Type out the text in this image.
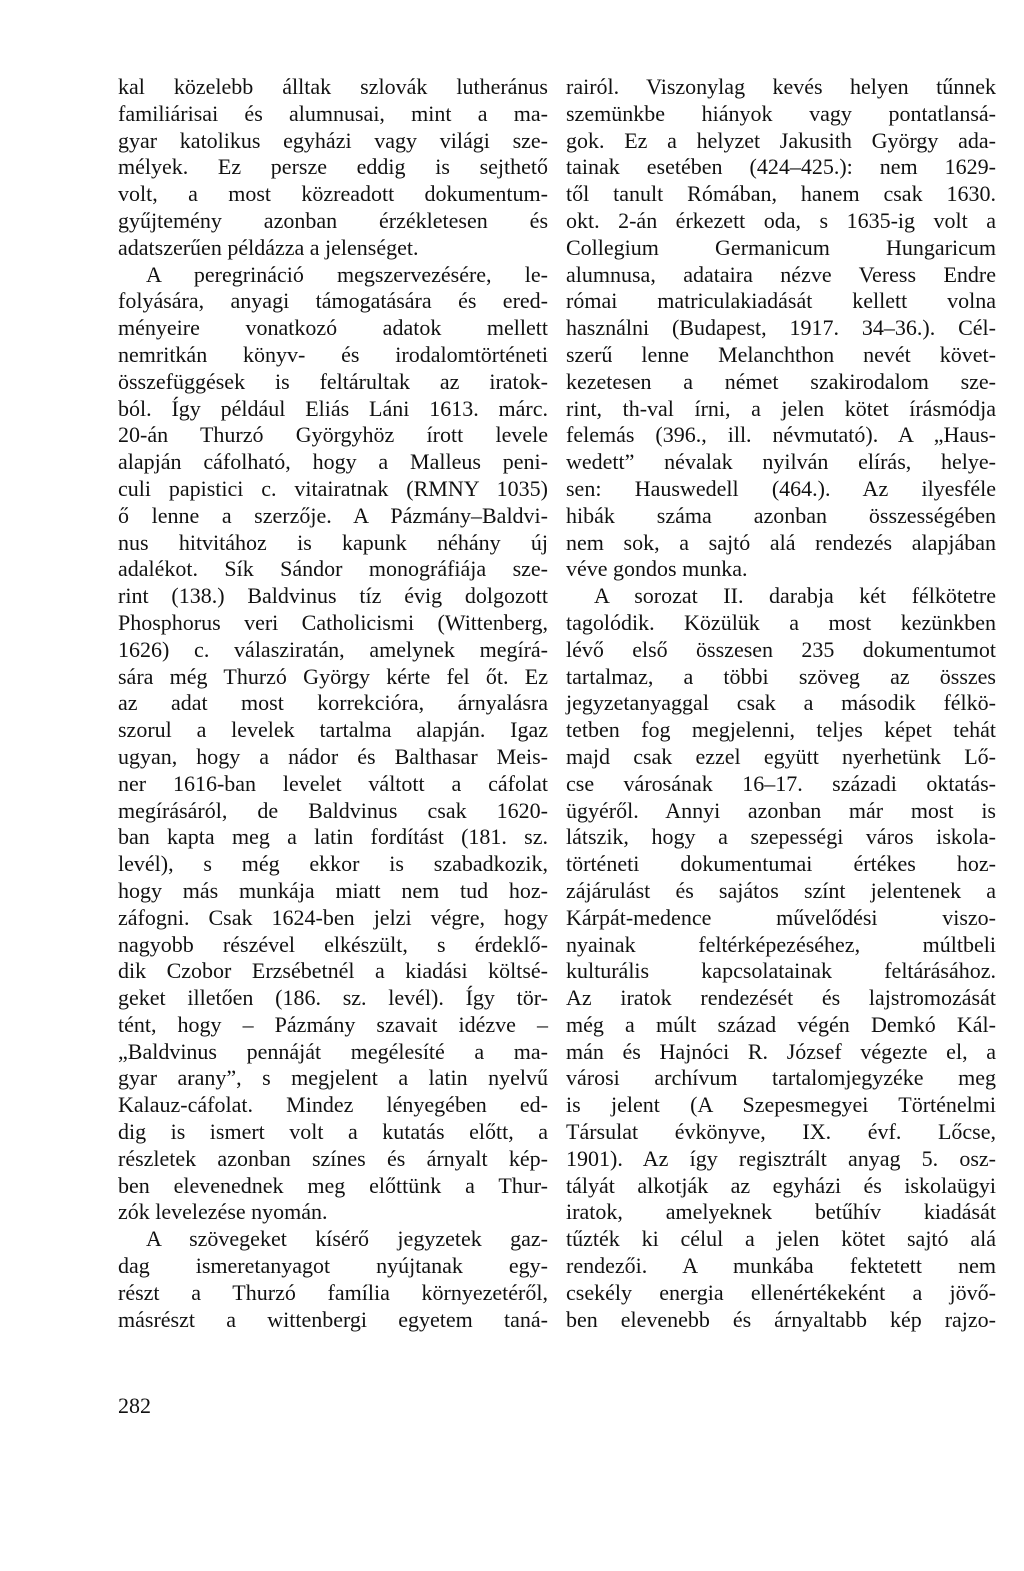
kal közelebb álltak szlovák lutheránus
familiárisai és alumnusai, mint a ma-
gyar katolikus egyházi vagy világi sze-
mélyek. Ez persze eddig is sejthető
volt, a most közreadott dokumentum-
gyűjtemény azonban érzékletesen és
adatszerűen példázza a jelenséget.
A peregrináció megszervezésére, le-
folyására, anyagi támogatására és ered-
ményeire vonatkozó adatok mellett
nemritkán könyv- és irodalomtörténeti
összefüggések is feltárultak az iratok-
ból. Így például Eliás Láni 1613. márc.
20-án Thurzó Györgyhöz írott levele
alapján cáfolható, hogy a Malleus peni-
culi papistici c. vitairatnak (RMNY 1035)
ő lenne a szerzője. A Pázmány–Baldvi-
nus hitvitához is kapunk néhány új
adalékot. Sík Sándor monográfiája sze-
rint (138.) Baldvinus tíz évig dolgozott
Phosphorus veri Catholicismi (Wittenberg,
1626) c. válasziratán, amelynek megírá-
sára még Thurzó György kérte fel őt. Ez
az adat most korrekcióra, árnyalásra
szorul a levelek tartalma alapján. Igaz
ugyan, hogy a nádor és Balthasar Meis-
ner 1616-ban levelet váltott a cáfolat
megírásáról, de Baldvinus csak 1620-
ban kapta meg a latin fordítást (181. sz.
levél), s még ekkor is szabadkozik,
hogy más munkája miatt nem tud hoz-
záfogni. Csak 1624-ben jelzi végre, hogy
nagyobb részével elkészült, s érdeklő-
dik Czobor Erzsébetnél a kiadási költsé-
geket illetően (186. sz. levél). Így tör-
tént, hogy – Pázmány szavait idézve –
„Baldvinus pennáját megélesíté a ma-
gyar arany”, s megjelent a latin nyelvű
Kalauz-cáfolat. Mindez lényegében ed-
dig is ismert volt a kutatás előtt, a
részletek azonban színes és árnyalt kép-
ben elevenednek meg előttünk a Thur-
zók levelezése nyomán.
A szövegeket kísérő jegyzetek gaz-
dag ismeretanyagot nyújtanak egy-
részt a Thurzó família környezetéről,
másrészt a wittenbergi egyetem taná-
rairól. Viszonylag kevés helyen tűnnek
szemünkbe hiányok vagy pontatlansá-
gok. Ez a helyzet Jakusith György ada-
tainak esetében (424–425.): nem 1629-
től tanult Rómában, hanem csak 1630.
okt. 2-án érkezett oda, s 1635-ig volt a
Collegium Germanicum Hungaricum
alumnusa, adataira nézve Veress Endre
római matriculakiadását kellett volna
használni (Budapest, 1917. 34–36.). Cél-
szerű lenne Melanchthon nevét követ-
kezetesen a német szakirodalom sze-
rint, th-val írni, a jelen kötet írásmódja
felemás (396., ill. névmutató). A „Haus-
wedett” névalak nyilván elírás, helye-
sen: Hauswedell (464.). Az ilyesféle
hibák száma azonban összességében
nem sok, a sajtó alá rendezés alapjában
véve gondos munka.
A sorozat II. darabja két félkötetre
tagolódik. Közülük a most kezünkben
lévő első összesen 235 dokumentumot
tartalmaz, a többi szöveg az összes
jegyzetanyaggal csak a második félkö-
tetben fog megjelenni, teljes képet tehát
majd csak ezzel együtt nyerhetünk Lő-
cse városának 16–17. századi oktatás-
ügyéről. Annyi azonban már most is
látszik, hogy a szepességi város iskola-
történeti dokumentumai értékes hoz-
zájárulást és sajátos színt jelentenek a
Kárpát-medence művelődési viszo-
nyainak feltérképezéséhez, múltbeli
kulturális kapcsolatainak feltárásához.
Az iratok rendezését és lajstromozását
még a múlt század végén Demkó Kál-
mán és Hajnóci R. József végezte el, a
városi archívum tartalomjegyzéke meg
is jelent (A Szepesmegyei Történelmi
Társulat évkönyve, IX. évf. Lőcse,
1901). Az így regisztrált anyag 5. osz-
tályát alkotják az egyházi és iskolaügyi
iratok, amelyeknek betűhív kiadását
tűzték ki célul a jelen kötet sajtó alá
rendezői. A munkába fektetett nem
csekély energia ellenértékeként a jövő-
ben elevenebb és árnyaltabb kép rajzo-
282
